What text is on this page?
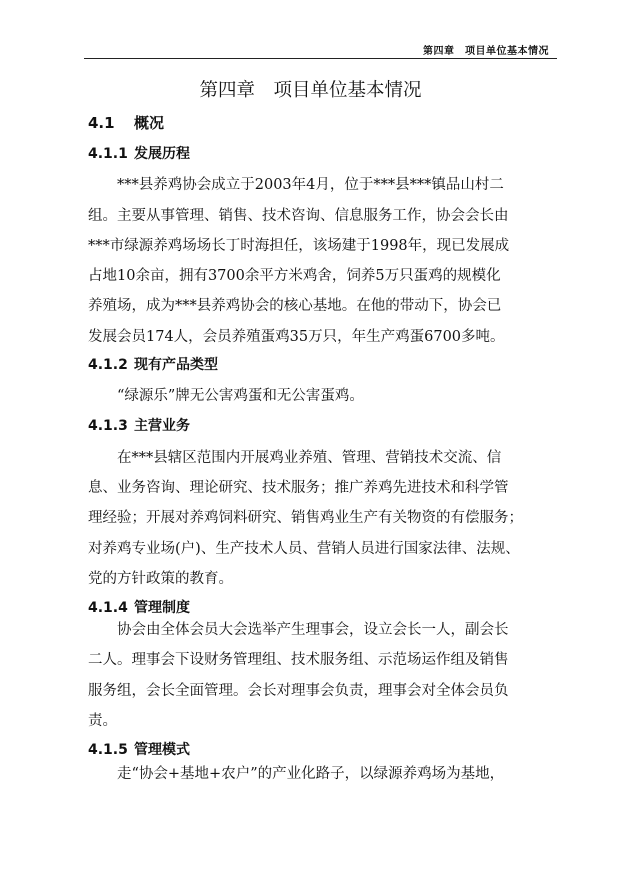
第四章　项目单位基本情况
第四章　项目单位基本情况
4.1 概况
4.1.1 发展历程
***县养鸡协会成立于2003年4月，位于***县***镇品山村二
组。主要从事管理、销售、技术咨询、信息服务工作，协会会长由
***市绿源养鸡场场长丁时海担任，该场建于1998年，现已发展成
占地10余亩，拥有3700余平方米鸡舍，饲养5万只蛋鸡的规模化
养殖场，成为***县养鸡协会的核心基地。在他的带动下，协会已
发展会员174人，会员养殖蛋鸡35万只，年生产鸡蛋6700多吨。
4.1.2 现有产品类型
“绿源乐”牌无公害鸡蛋和无公害蛋鸡。
4.1.3 主营业务
在***县辖区范围内开展鸡业养殖、管理、营销技术交流、信
息、业务咨询、理论研究、技术服务；推广养鸡先进技术和科学管
理经验；开展对养鸡饲料研究、销售鸡业生产有关物资的有偿服务；
对养鸡专业场(户)、生产技术人员、营销人员进行国家法律、法规、
党的方针政策的教育。
4.1.4 管理制度
协会由全体会员大会选举产生理事会，设立会长一人，副会长
二人。理事会下设财务管理组、技术服务组、示范场运作组及销售
服务组，会长全面管理。会长对理事会负责，理事会对全体会员负
责。
4.1.5 管理模式
走“协会+基地+农户”的产业化路子，以绿源养鸡场为基地，
